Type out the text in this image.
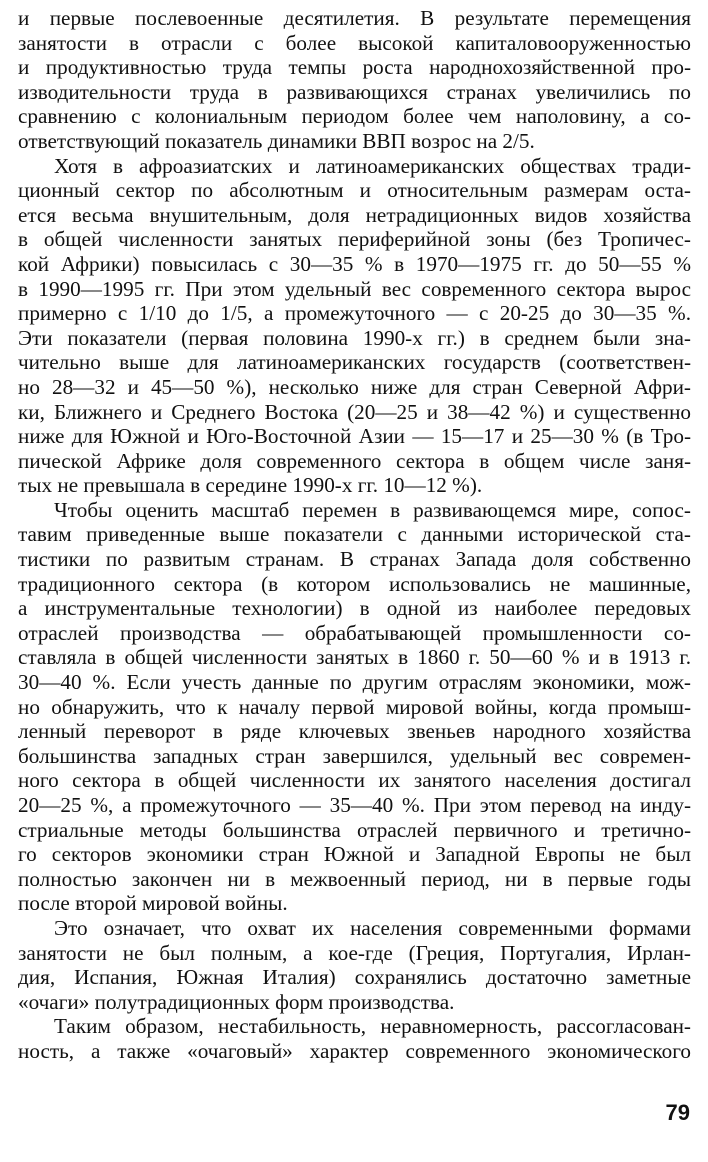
и первые послевоенные десятилетия. В результате перемещения
занятости в отрасли с более высокой капиталовооруженностью
и продуктивностью труда темпы роста народнохозяйственной про-
изводительности труда в развивающихся странах увеличились по
сравнению с колониальным периодом более чем наполовину, а со-
ответствующий показатель динамики ВВП возрос на 2/5.
Хотя в афроазиатских и латиноамериканских обществах тради-
ционный сектор по абсолютным и относительным размерам оста-
ется весьма внушительным, доля нетрадиционных видов хозяйства
в общей численности занятых периферийной зоны (без Тропичес-
кой Африки) повысилась с 30—35 % в 1970—1975 гг. до 50—55 %
в 1990—1995 гг. При этом удельный вес современного сектора вырос
примерно с 1/10 до 1/5, а промежуточного — с 20-25 до 30—35 %.
Эти показатели (первая половина 1990-х гг.) в среднем были зна-
чительно выше для латиноамериканских государств (соответствен-
но 28—32 и 45—50 %), несколько ниже для стран Северной Афри-
ки, Ближнего и Среднего Востока (20—25 и 38—42 %) и существенно
ниже для Южной и Юго-Восточной Азии — 15—17 и 25—30 % (в Тро-
пической Африке доля современного сектора в общем числе заня-
тых не превышала в середине 1990-х гг. 10—12 %).
Чтобы оценить масштаб перемен в развивающемся мире, сопос-
тавим приведенные выше показатели с данными исторической ста-
тистики по развитым странам. В странах Запада доля собственно
традиционного сектора (в котором использовались не машинные,
а инструментальные технологии) в одной из наиболее передовых
отраслей производства — обрабатывающей промышленности со-
ставляла в общей численности занятых в 1860 г. 50—60 % и в 1913 г.
30—40 %. Если учесть данные по другим отраслям экономики, мож-
но обнаружить, что к началу первой мировой войны, когда промыш-
ленный переворот в ряде ключевых звеньев народного хозяйства
большинства западных стран завершился, удельный вес современ-
ного сектора в общей численности их занятого населения достигал
20—25 %, а промежуточного — 35—40 %. При этом перевод на инду-
стриальные методы большинства отраслей первичного и третично-
го секторов экономики стран Южной и Западной Европы не был
полностью закончен ни в межвоенный период, ни в первые годы
после второй мировой войны.
Это означает, что охват их населения современными формами
занятости не был полным, а кое-где (Греция, Португалия, Ирлан-
дия, Испания, Южная Италия) сохранялись достаточно заметные
«очаги» полутрадиционных форм производства.
Таким образом, нестабильность, неравномерность, рассогласован-
ность, а также «очаговый» характер современного экономического
79
